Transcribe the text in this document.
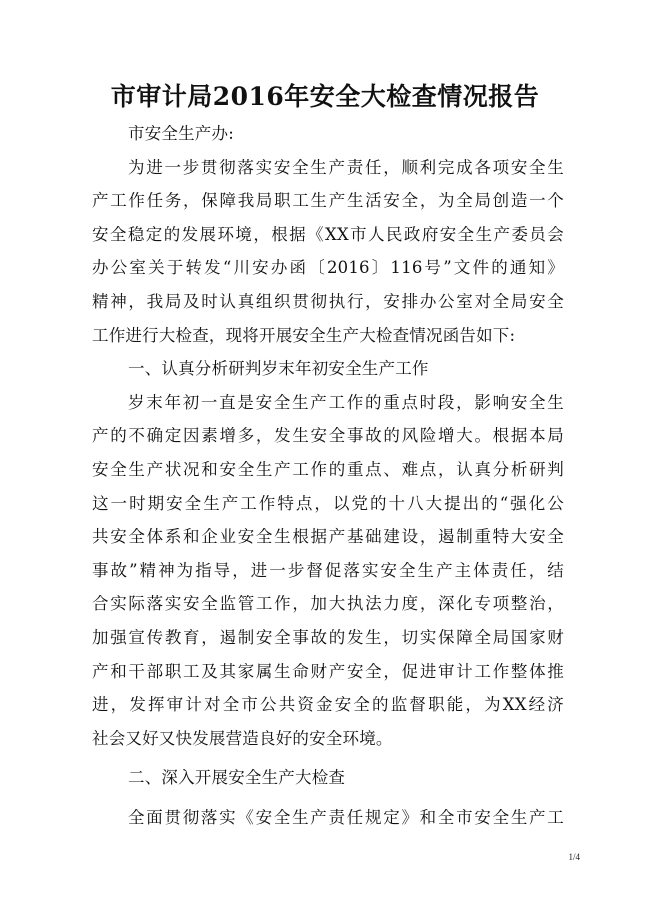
市审计局2016年安全大检查情况报告
市安全生产办:
为进一步贯彻落实安全生产责任，顺利完成各项安全生
产工作任务，保障我局职工生产生活安全，为全局创造一个
安全稳定的发展环境，根据《XX市人民政府安全生产委员会
办公室关于转发“川安办函〔2016〕116号”文件的通知》
精神，我局及时认真组织贯彻执行，安排办公室对全局安全
工作进行大检查，现将开展安全生产大检查情况函告如下:
一、认真分析研判岁末年初安全生产工作
岁末年初一直是安全生产工作的重点时段，影响安全生
产的不确定因素增多，发生安全事故的风险增大。根据本局
安全生产状况和安全生产工作的重点、难点，认真分析研判
这一时期安全生产工作特点，以党的十八大提出的“强化公
共安全体系和企业安全生根据产基础建设，遏制重特大安全
事故”精神为指导，进一步督促落实安全生产主体责任，结
合实际落实安全监管工作，加大执法力度，深化专项整治，
加强宣传教育，遏制安全事故的发生，切实保障全局国家财
产和干部职工及其家属生命财产安全，促进审计工作整体推
进，发挥审计对全市公共资金安全的监督职能，为XX经济
社会又好又快发展营造良好的安全环境。
二、深入开展安全生产大检查
全面贯彻落实《安全生产责任规定》和全市安全生产工
1/4
